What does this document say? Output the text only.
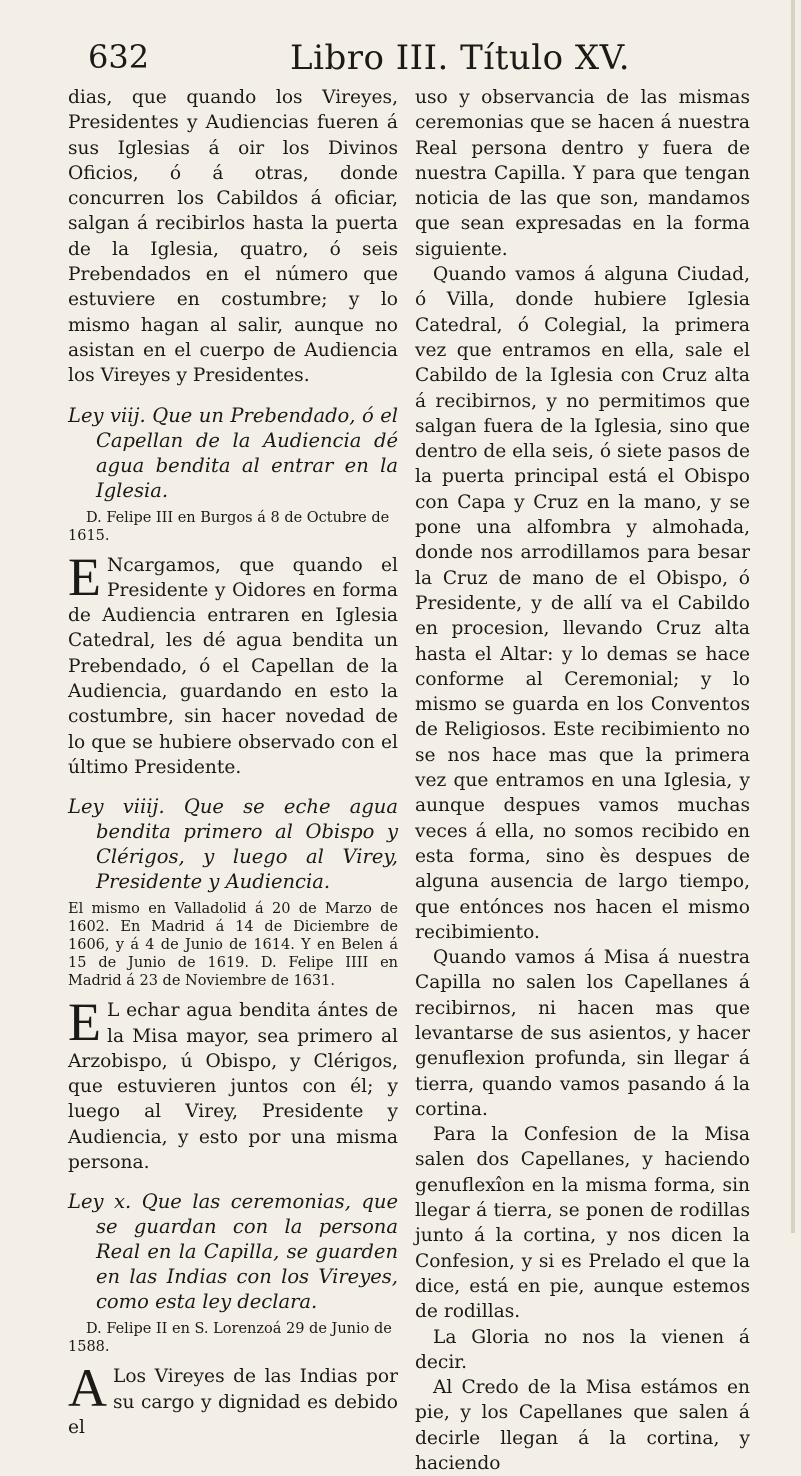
632	Libro III. Título XV.

dias, que quando los Vireyes, Presidentes y Audiencias fueren á sus Iglesias á oir los Divinos Oficios, ó á otras, donde concurren los Cabildos á oficiar, salgan á recibirlos hasta la puerta de la Iglesia, quatro, ó seis Prebendados en el número que estuviere en costumbre; y lo mismo hagan al salir, aunque no asistan en el cuerpo de Audiencia los Vireyes y Presidentes.

Ley viij. Que un Prebendado, ó el Capellan de la Audiencia dé agua bendita al entrar en la Iglesia.

D. Felipe III en Burgos á 8 de Octubre de 1615.

E Ncargamos, que quando el Presidente y Oidores en forma de Audiencia entraren en Iglesia Catedral, les dé agua bendita un Prebendado, ó el Capellan de la Audiencia, guardando en esto la costumbre, sin hacer novedad de lo que se hubiere observado con el último Presidente.

Ley viiij. Que se eche agua bendita primero al Obispo y Clérigos, y luego al Virey, Presidente y Audiencia.

El mismo en Valladolid á 20 de Marzo de 1602. En Madrid á 14 de Diciembre de 1606, y á 4 de Junio de 1614. Y en Belen á 15 de Junio de 1619. D. Felipe IIII en Madrid á 23 de Noviembre de 1631.

E L echar agua bendita ántes de la Misa mayor, sea primero al Arzobispo, ú Obispo, y Clérigos, que estuvieren juntos con él; y luego al Virey, Presidente y Audiencia, y esto por una misma persona.

Ley x. Que las ceremonias, que se guardan con la persona Real en la Capilla, se guarden en las Indias con los Vireyes, como esta ley declara.

D. Felipe II en S. Lorenzoá 29 de Junio de 1588.

A Los Vireyes de las Indias por su cargo y dignidad es debido el

uso y observancia de las mismas ceremonias que se hacen á nuestra Real persona dentro y fuera de nuestra Capilla. Y para que tengan noticia de las que son, mandamos que sean expresadas en la forma siguiente.

Quando vamos á alguna Ciudad, ó Villa, donde hubiere Iglesia Catedral, ó Colegial, la primera vez que entramos en ella, sale el Cabildo de la Iglesia con Cruz alta á recibirnos, y no permitimos que salgan fuera de la Iglesia, sino que dentro de ella seis, ó siete pasos de la puerta principal está el Obispo con Capa y Cruz en la mano, y se pone una alfombra y almohada, donde nos arrodillamos para besar la Cruz de mano de el Obispo, ó Presidente, y de allí va el Cabildo en procesion, llevando Cruz alta hasta el Altar: y lo demas se hace conforme al Ceremonial; y lo mismo se guarda en los Conventos de Religiosos. Este recibimiento no se nos hace mas que la primera vez que entramos en una Iglesia, y aunque despues vamos muchas veces á ella, no somos recibido en esta forma, sino ès despues de alguna ausencia de largo tiempo, que entónces nos hacen el mismo recibimiento.

Quando vamos á Misa á nuestra Capilla no salen los Capellanes á recibirnos, ni hacen mas que levantarse de sus asientos, y hacer genuflexion profunda, sin llegar á tierra, quando vamos pasando á la cortina.

Para la Confesion de la Misa salen dos Capellanes, y haciendo genuflexîon en la misma forma, sin llegar á tierra, se ponen de rodillas junto á la cortina, y nos dicen la Confesion, y si es Prelado el que la dice, está en pie, aunque estemos de rodillas.

La Gloria no nos la vienen á decir.

Al Credo de la Misa estámos en pie, y los Capellanes que salen á decirle llegan á la cortina, y haciendo
